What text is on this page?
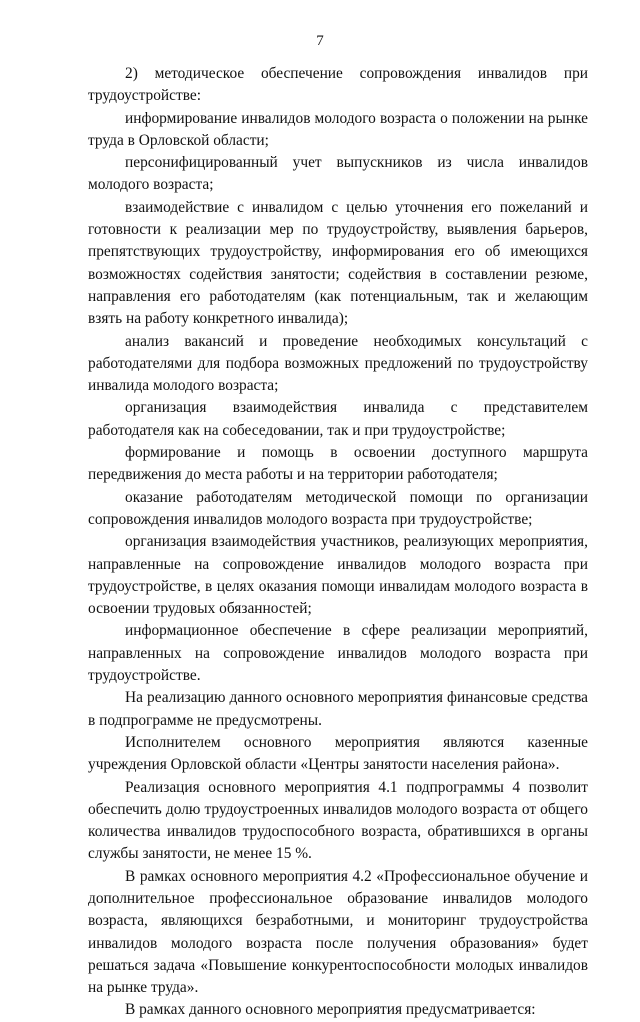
7

2) методическое обеспечение сопровождения инвалидов при трудоустройстве:

информирование инвалидов молодого возраста о положении на рынке труда в Орловской области;

персонифицированный учет выпускников из числа инвалидов молодого возраста;

взаимодействие с инвалидом с целью уточнения его пожеланий и готовности к реализации мер по трудоустройству, выявления барьеров, препятствующих трудоустройству, информирования его об имеющихся возможностях содействия занятости; содействия в составлении резюме, направления его работодателям (как потенциальным, так и желающим взять на работу конкретного инвалида);

анализ вакансий и проведение необходимых консультаций с работодателями для подбора возможных предложений по трудоустройству инвалида молодого возраста;

организация взаимодействия инвалида с представителем работодателя как на собеседовании, так и при трудоустройстве;

формирование и помощь в освоении доступного маршрута передвижения до места работы и на территории работодателя;

оказание работодателям методической помощи по организации сопровождения инвалидов молодого возраста при трудоустройстве;

организация взаимодействия участников, реализующих мероприятия, направленные на сопровождение инвалидов молодого возраста при трудоустройстве, в целях оказания помощи инвалидам молодого возраста в освоении трудовых обязанностей;

информационное обеспечение в сфере реализации мероприятий, направленных на сопровождение инвалидов молодого возраста при трудоустройстве.

На реализацию данного основного мероприятия финансовые средства в подпрограмме не предусмотрены.

Исполнителем основного мероприятия являются казенные учреждения Орловской области «Центры занятости населения района».

Реализация основного мероприятия 4.1 подпрограммы 4 позволит обеспечить долю трудоустроенных инвалидов молодого возраста от общего количества инвалидов трудоспособного возраста, обратившихся в органы службы занятости, не менее 15 %.

В рамках основного мероприятия 4.2 «Профессиональное обучение и дополнительное профессиональное образование инвалидов молодого возраста, являющихся безработными, и мониторинг трудоустройства инвалидов молодого возраста после получения образования» будет решаться задача «Повышение конкурентоспособности молодых инвалидов на рынке труда».

В рамках данного основного мероприятия предусматривается:
